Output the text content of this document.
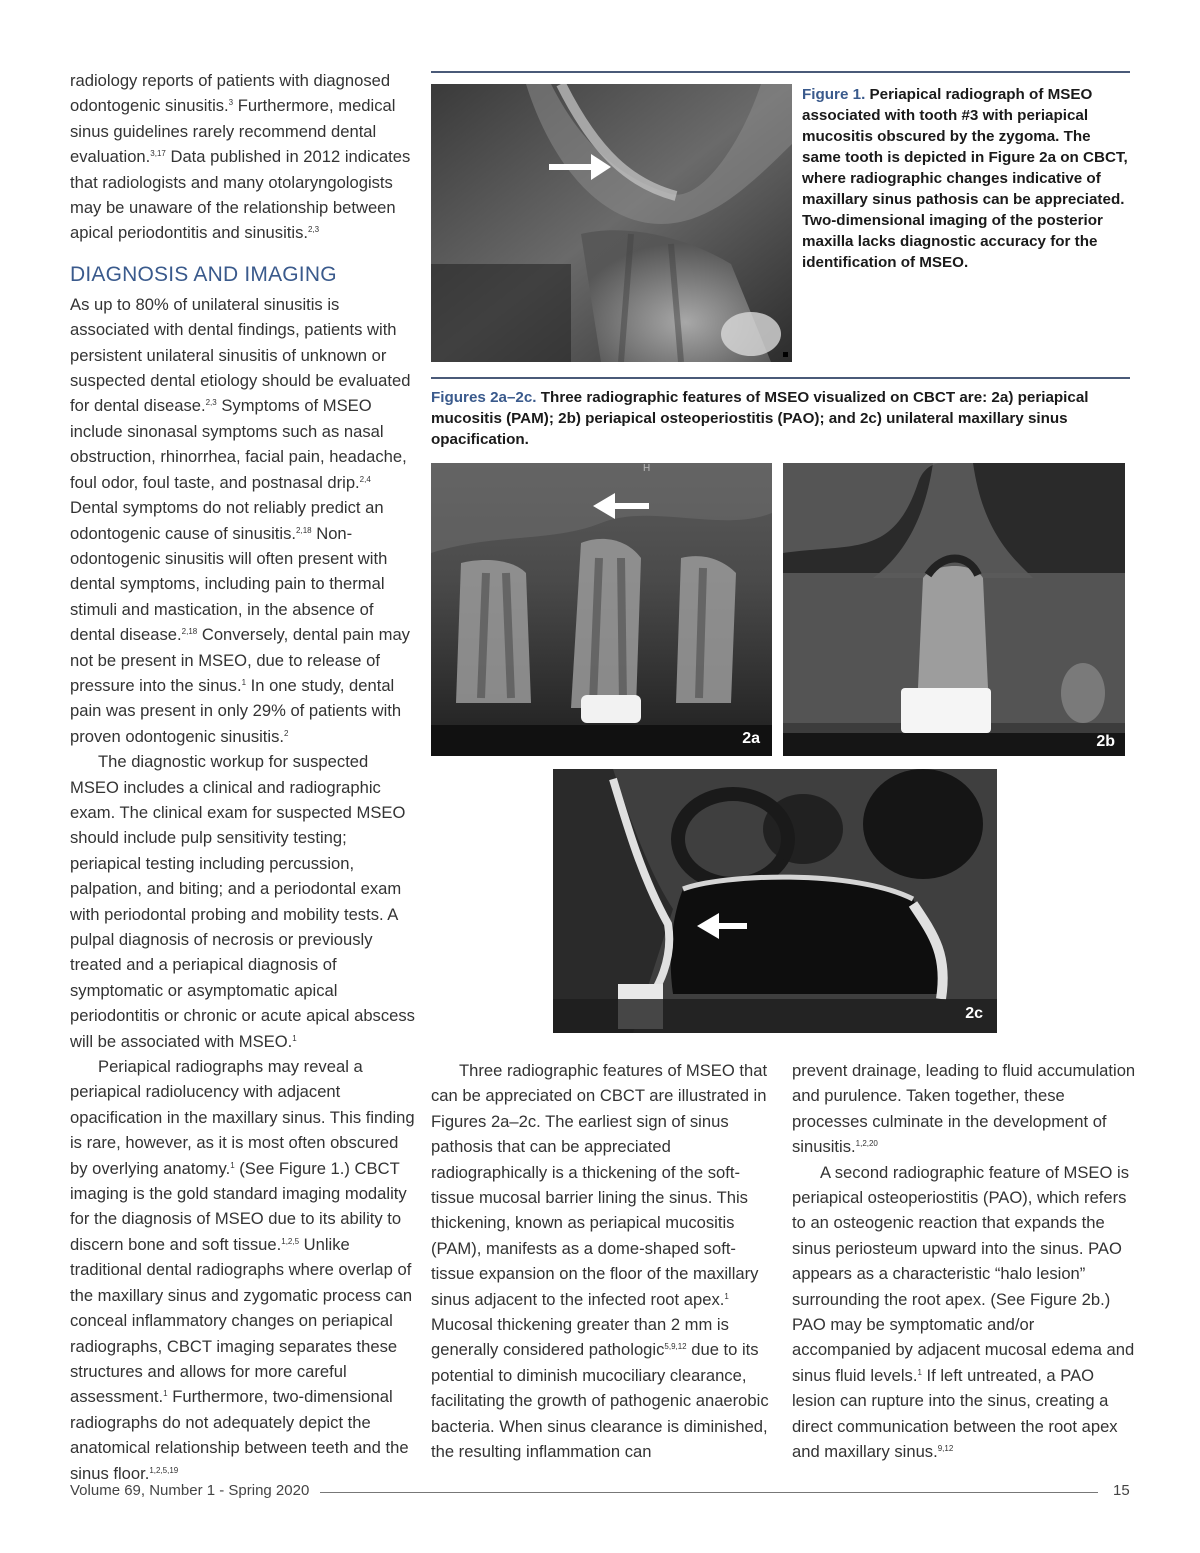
radiology reports of patients with diagnosed odontogenic sinusitis.$^3$ Furthermore, medical sinus guidelines rarely recommend dental evaluation.$^{3,17}$ Data published in 2012 indicates that radiologists and many otolaryngologists may be unaware of the relationship between apical periodontitis and sinusitis.$^{2,3}$

DIAGNOSIS AND IMAGING

As up to 80% of unilateral sinusitis is associated with dental findings, patients with persistent unilateral sinusitis of unknown or suspected dental etiology should be evaluated for dental disease.$^{2,3}$ Symptoms of MSEO include sinonasal symptoms such as nasal obstruction, rhinorrhea, facial pain, headache, foul odor, foul taste, and postnasal drip.$^{2,4}$ Dental symptoms do not reliably predict an odontogenic cause of sinusitis.$^{2,18}$ Non-odontogenic sinusitis will often present with dental symptoms, including pain to thermal stimuli and mastication, in the absence of dental disease.$^{2,18}$ Conversely, dental pain may not be present in MSEO, due to release of pressure into the sinus.$^1$ In one study, dental pain was present in only 29% of patients with proven odontogenic sinusitis.$^2$

The diagnostic workup for suspected MSEO includes a clinical and radiographic exam. The clinical exam for suspected MSEO should include pulp sensitivity testing; periapical testing including percussion, palpation, and biting; and a periodontal exam with periodontal probing and mobility tests. A pulpal diagnosis of necrosis or previously treated and a periapical diagnosis of symptomatic or asymptomatic apical periodontitis or chronic or acute apical abscess will be associated with MSEO.$^1$

Periapical radiographs may reveal a periapical radiolucency with adjacent opacification in the maxillary sinus. This finding is rare, however, as it is most often obscured by overlying anatomy.$^1$ (See Figure 1.) CBCT imaging is the gold standard imaging modality for the diagnosis of MSEO due to its ability to discern bone and soft tissue.$^{1,2,5}$ Unlike traditional dental radiographs where overlap of the maxillary sinus and zygomatic process can conceal inflammatory changes on periapical radiographs, CBCT imaging separates these structures and allows for more careful assessment.$^1$ Furthermore, two-dimensional radiographs do not adequately depict the anatomical relationship between teeth and the sinus floor.$^{1,2,5,19}$

Figure 1. Periapical radiograph of MSEO associated with tooth #3 with periapical mucositis obscured by the zygoma. The same tooth is depicted in Figure 2a on CBCT, where radiographic changes indicative of maxillary sinus pathosis can be appreciated. Two-dimensional imaging of the posterior maxilla lacks diagnostic accuracy for the identification of MSEO.
Figures 2a–2c. Three radiographic features of MSEO visualized on CBCT are: 2a) periapical mucositis (PAM); 2b) periapical osteoperiostitis (PAO); and 2c) unilateral maxillary sinus opacification.
H
2a	2b
2c

Three radiographic features of MSEO that can be appreciated on CBCT are illustrated in Figures 2a–2c. The earliest sign of sinus pathosis that can be appreciated radiographically is a thickening of the soft-tissue mucosal barrier lining the sinus. This thickening, known as periapical mucositis (PAM), manifests as a dome-shaped soft-tissue expansion on the floor of the maxillary sinus adjacent to the infected root apex.$^1$ Mucosal thickening greater than 2 mm is generally considered pathologic$^{5,9,12}$ due to its potential to diminish mucociliary clearance, facilitating the growth of pathogenic anaerobic bacteria. When sinus clearance is diminished, the resulting inflammation can

prevent drainage, leading to fluid accumulation and purulence. Taken together, these processes culminate in the development of sinusitis.$^{1,2,20}$

A second radiographic feature of MSEO is periapical osteoperiostitis (PAO), which refers to an osteogenic reaction that expands the sinus periosteum upward into the sinus. PAO appears as a characteristic “halo lesion” surrounding the root apex. (See Figure 2b.) PAO may be symptomatic and/or accompanied by adjacent mucosal edema and sinus fluid levels.$^1$ If left untreated, a PAO lesion can rupture into the sinus, creating a direct communication between the root apex and maxillary sinus.$^{9,12}$

Volume 69, Number 1 - Spring 2020	15
